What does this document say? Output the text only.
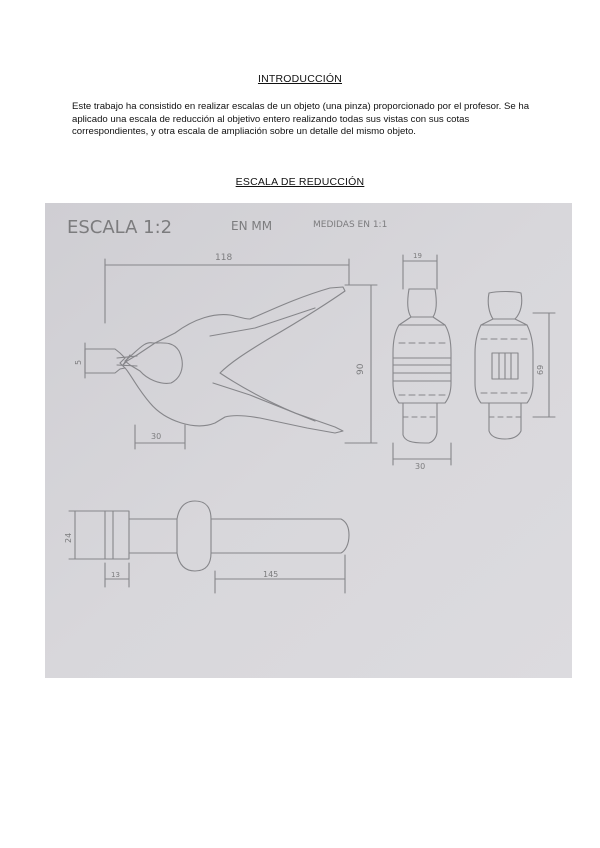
INTRODUCCIÓN
Este trabajo ha consistido en realizar escalas de un objeto (una pinza) proporcionado por el profesor. Se ha aplicado una escala de reducción al objetivo entero realizando todas sus vistas con sus cotas correspondientes, y otra escala de ampliación sobre un detalle del mismo objeto.
ESCALA DE REDUCCIÓN
ESCALA 1:2	EN MM	MEDIDAS EN 1:1
118
90
5
30
19
30
69
24
13	145
